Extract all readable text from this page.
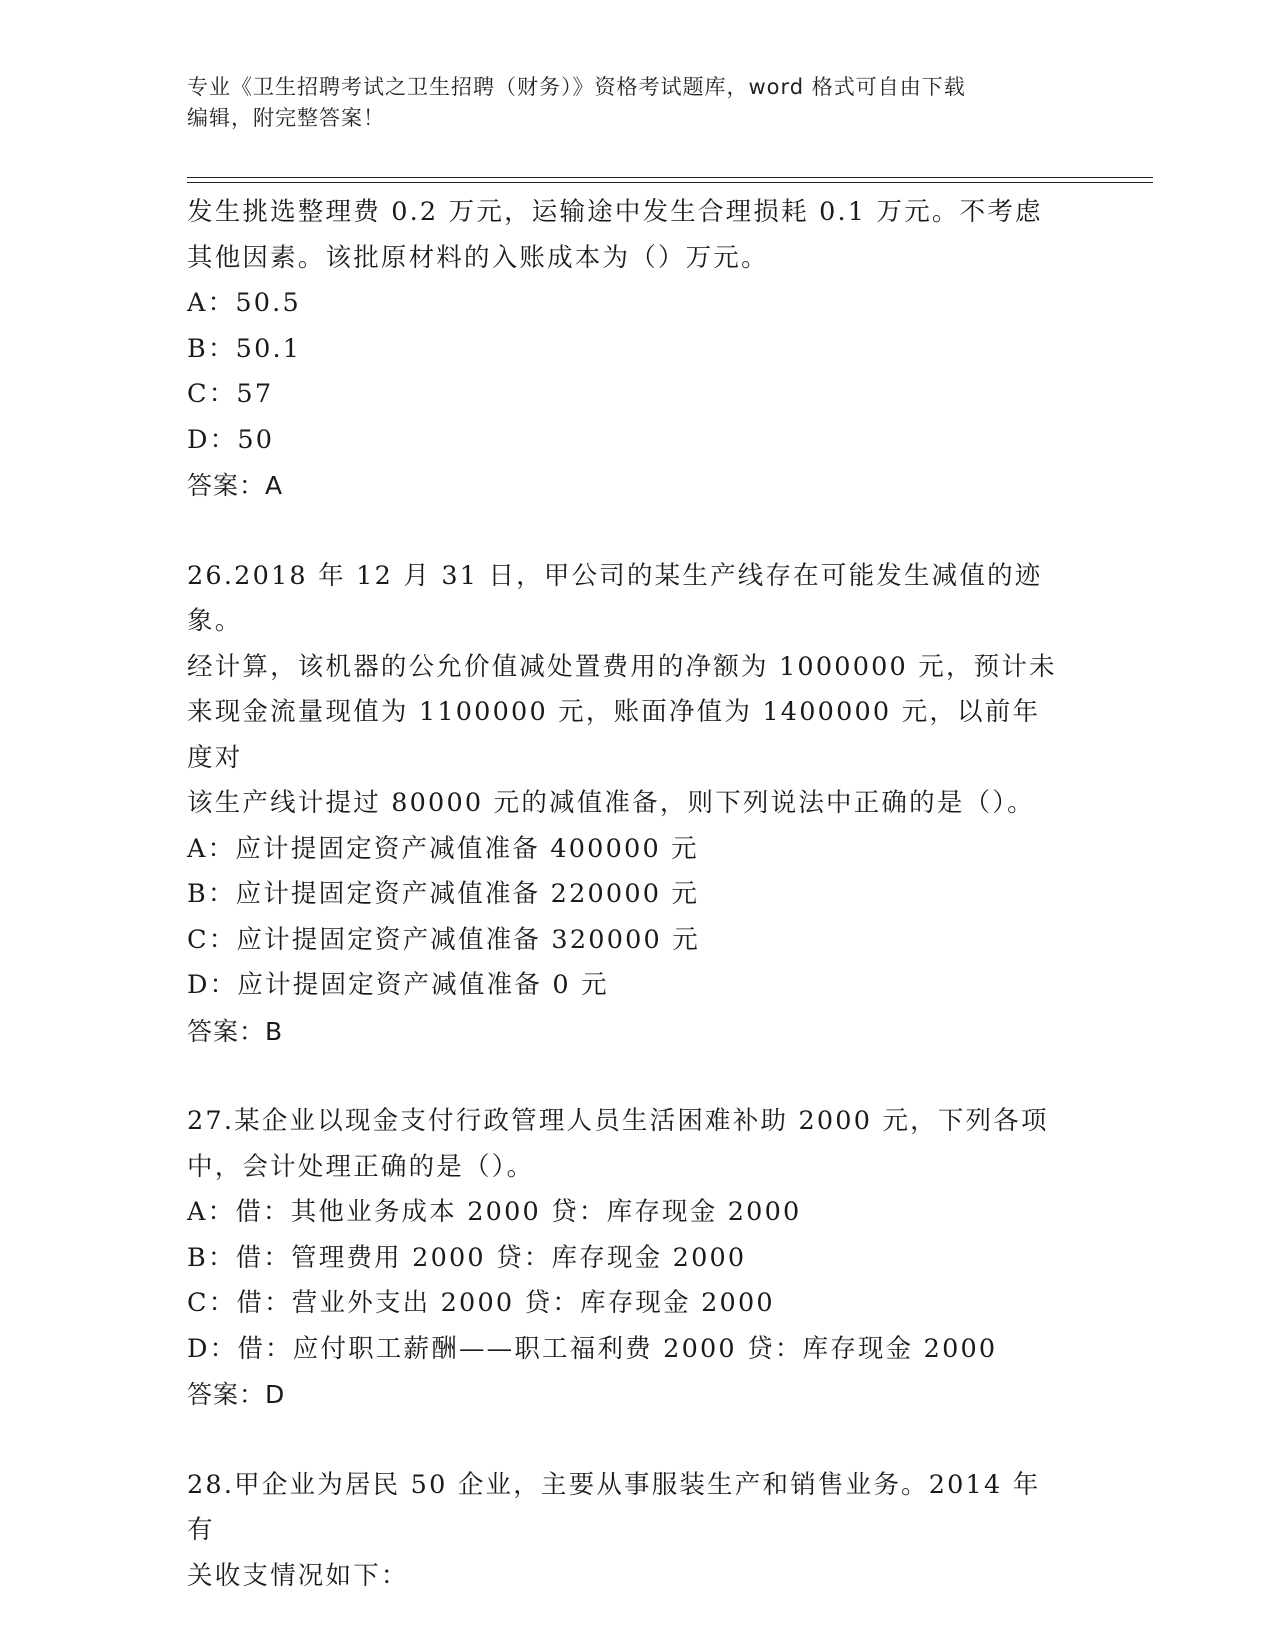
专业《卫生招聘考试之卫生招聘（财务）》资格考试题库，word 格式可自由下载
编辑，附完整答案！

发生挑选整理费 0.2 万元，运输途中发生合理损耗 0.1 万元。不考虑

其他因素。该批原材料的入账成本为（）万元。

A：50.5

B：50.1

C：57

D：50

答案：A

26.2018 年 12 月 31 日，甲公司的某生产线存在可能发生减值的迹象。

经计算，该机器的公允价值减处置费用的净额为 1000000 元，预计未

来现金流量现值为 1100000 元，账面净值为 1400000 元，以前年度对

该生产线计提过 80000 元的减值准备，则下列说法中正确的是（）。

A：应计提固定资产减值准备 400000 元

B：应计提固定资产减值准备 220000 元

C：应计提固定资产减值准备 320000 元

D：应计提固定资产减值准备 0 元

答案：B

27.某企业以现金支付行政管理人员生活困难补助 2000 元，下列各项

中，会计处理正确的是（）。

A：借：其他业务成本 2000 贷：库存现金 2000

B：借：管理费用 2000 贷：库存现金 2000

C：借：营业外支出 2000 贷：库存现金 2000

D：借：应付职工薪酬——职工福利费 2000 贷：库存现金 2000

答案：D

28.甲企业为居民 50 企业，主要从事服装生产和销售业务。2014 年有

关收支情况如下：
